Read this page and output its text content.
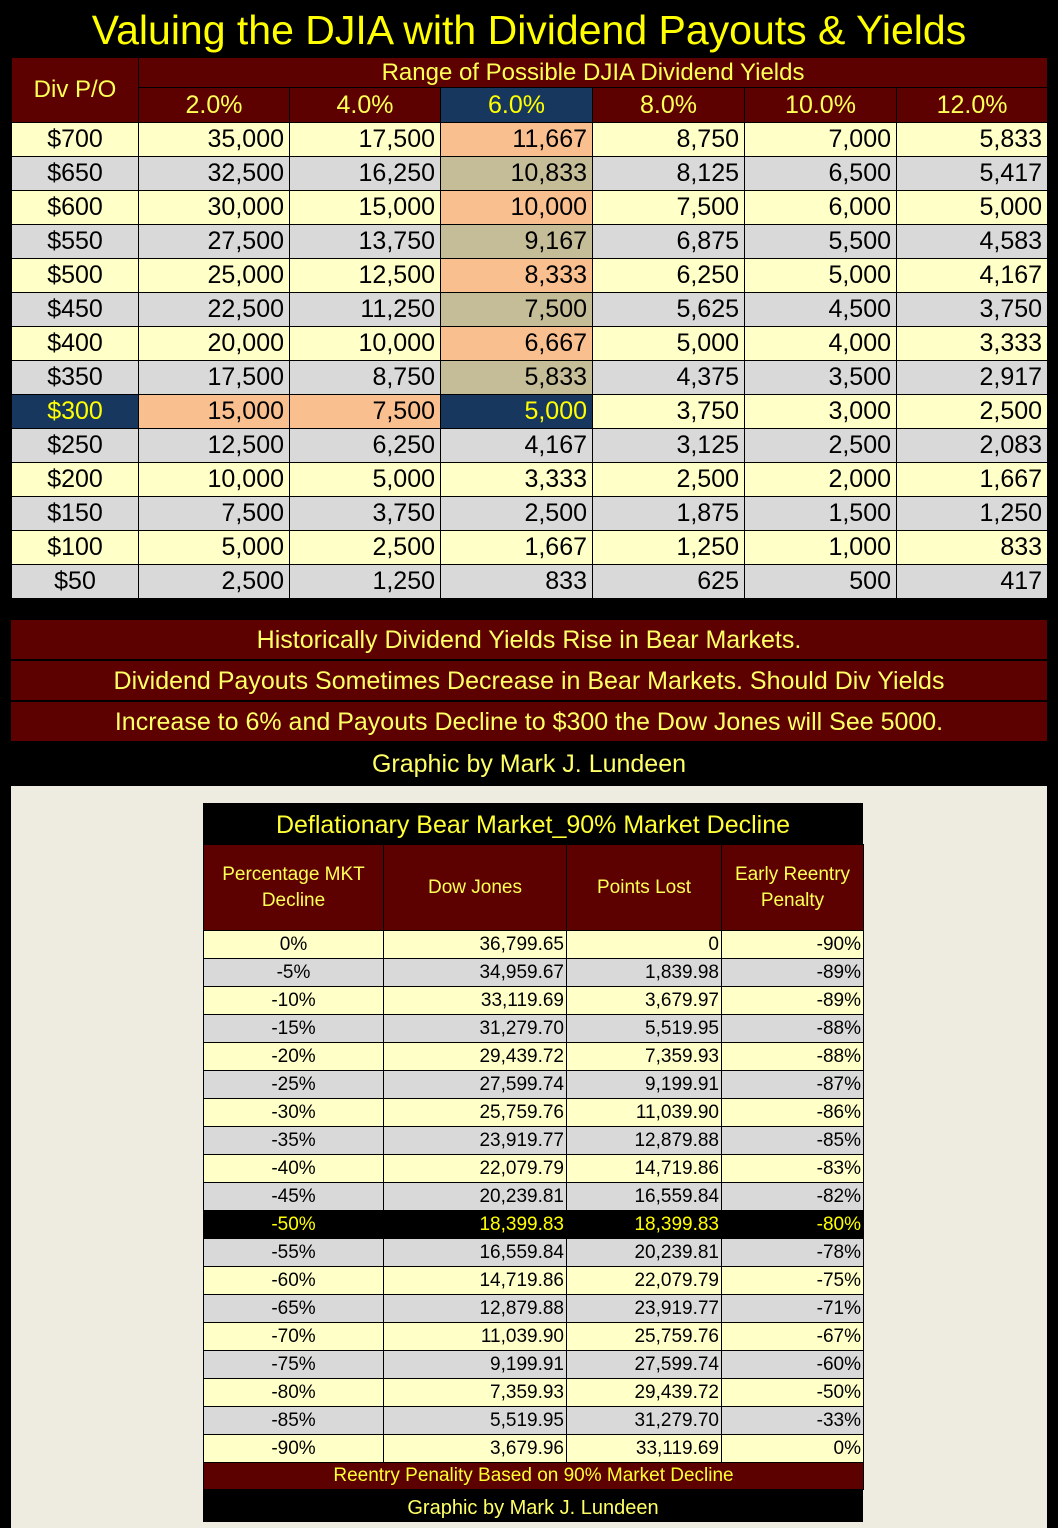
Valuing the DJIA with Dividend Payouts & Yields
Div P/O	Range of Possible DJIA Dividend Yields					
	2.0%	4.0%	6.0%	8.0%	10.0%	12.0%
$700	35,000	17,500	11,667	8,750	7,000	5,833
$650	32,500	16,250	10,833	8,125	6,500	5,417
$600	30,000	15,000	10,000	7,500	6,000	5,000
$550	27,500	13,750	9,167	6,875	5,500	4,583
$500	25,000	12,500	8,333	6,250	5,000	4,167
$450	22,500	11,250	7,500	5,625	4,500	3,750
$400	20,000	10,000	6,667	5,000	4,000	3,333
$350	17,500	8,750	5,833	4,375	3,500	2,917
$300	15,000	7,500	5,000	3,750	3,000	2,500
$250	12,500	6,250	4,167	3,125	2,500	2,083
$200	10,000	5,000	3,333	2,500	2,000	1,667
$150	7,500	3,750	2,500	1,875	1,500	1,250
$100	5,000	2,500	1,667	1,250	1,000	833
$50	2,500	1,250	833	625	500	417
Historically Dividend Yields Rise in Bear Markets.
Dividend Payouts Sometimes Decrease in Bear Markets. Should Div Yields
Increase to 6% and Payouts Decline to $300 the Dow Jones will See 5000.
Graphic by Mark J. Lundeen
Deflationary Bear Market_90% Market Decline
Percentage MKT Decline	Dow Jones	Points Lost	Early Reentry Penalty
0%	36,799.65	0	-90%
-5%	34,959.67	1,839.98	-89%
-10%	33,119.69	3,679.97	-89%
-15%	31,279.70	5,519.95	-88%
-20%	29,439.72	7,359.93	-88%
-25%	27,599.74	9,199.91	-87%
-30%	25,759.76	11,039.90	-86%
-35%	23,919.77	12,879.88	-85%
-40%	22,079.79	14,719.86	-83%
-45%	20,239.81	16,559.84	-82%
-50%	18,399.83	18,399.83	-80%
-55%	16,559.84	20,239.81	-78%
-60%	14,719.86	22,079.79	-75%
-65%	12,879.88	23,919.77	-71%
-70%	11,039.90	25,759.76	-67%
-75%	9,199.91	27,599.74	-60%
-80%	7,359.93	29,439.72	-50%
-85%	5,519.95	31,279.70	-33%
-90%	3,679.96	33,119.69	0%
Reentry Penality Based on 90% Market Decline			
Graphic by Mark J. Lundeen
